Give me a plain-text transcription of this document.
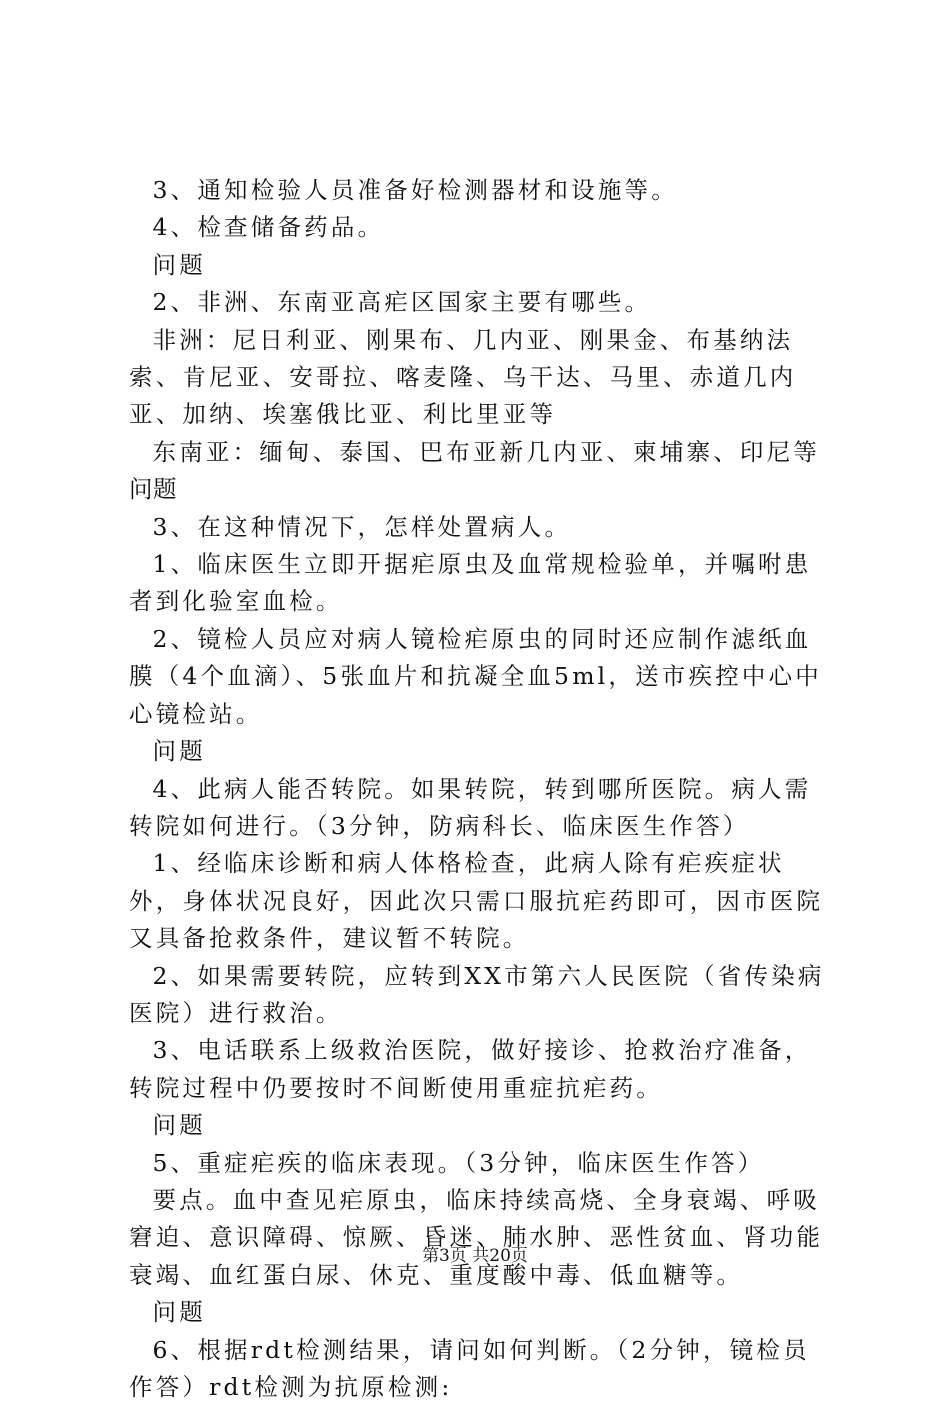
3、通知检验人员准备好检测器材和设施等。

4、检查储备药品。

问题

2、非洲、东南亚高疟区国家主要有哪些。

非洲：尼日利亚、刚果布、几内亚、刚果金、布基纳法索、肯尼亚、安哥拉、喀麦隆、乌干达、马里、赤道几内亚、加纳、埃塞俄比亚、利比里亚等

东南亚：缅甸、泰国、巴布亚新几内亚、柬埔寨、印尼等

问题

3、在这种情况下，怎样处置病人。

1、临床医生立即开据疟原虫及血常规检验单，并嘱咐患者到化验室血检。

2、镜检人员应对病人镜检疟原虫的同时还应制作滤纸血膜（4个血滴）、5张血片和抗凝全血5ml，送市疾控中心中心镜检站。

问题

4、此病人能否转院。如果转院，转到哪所医院。病人需转院如何进行。（3分钟，防病科长、临床医生作答）

1、经临床诊断和病人体格检查，此病人除有疟疾症状外，身体状况良好，因此次只需口服抗疟药即可，因市医院又具备抢救条件，建议暂不转院。

2、如果需要转院，应转到XX市第六人民医院（省传染病医院）进行救治。

3、电话联系上级救治医院，做好接诊、抢救治疗准备，转院过程中仍要按时不间断使用重症抗疟药。

问题

5、重症疟疾的临床表现。（3分钟，临床医生作答）

要点。血中查见疟原虫，临床持续高烧、全身衰竭、呼吸窘迫、意识障碍、惊厥、昏迷、肺水肿、恶性贫血、肾功能衰竭、血红蛋白尿、休克、重度酸中毒、低血糖等。

问题

6、根据rdt检测结果，请问如何判断。（2分钟，镜检员作答）rdt检测为抗原检测:

第3页 共20页
